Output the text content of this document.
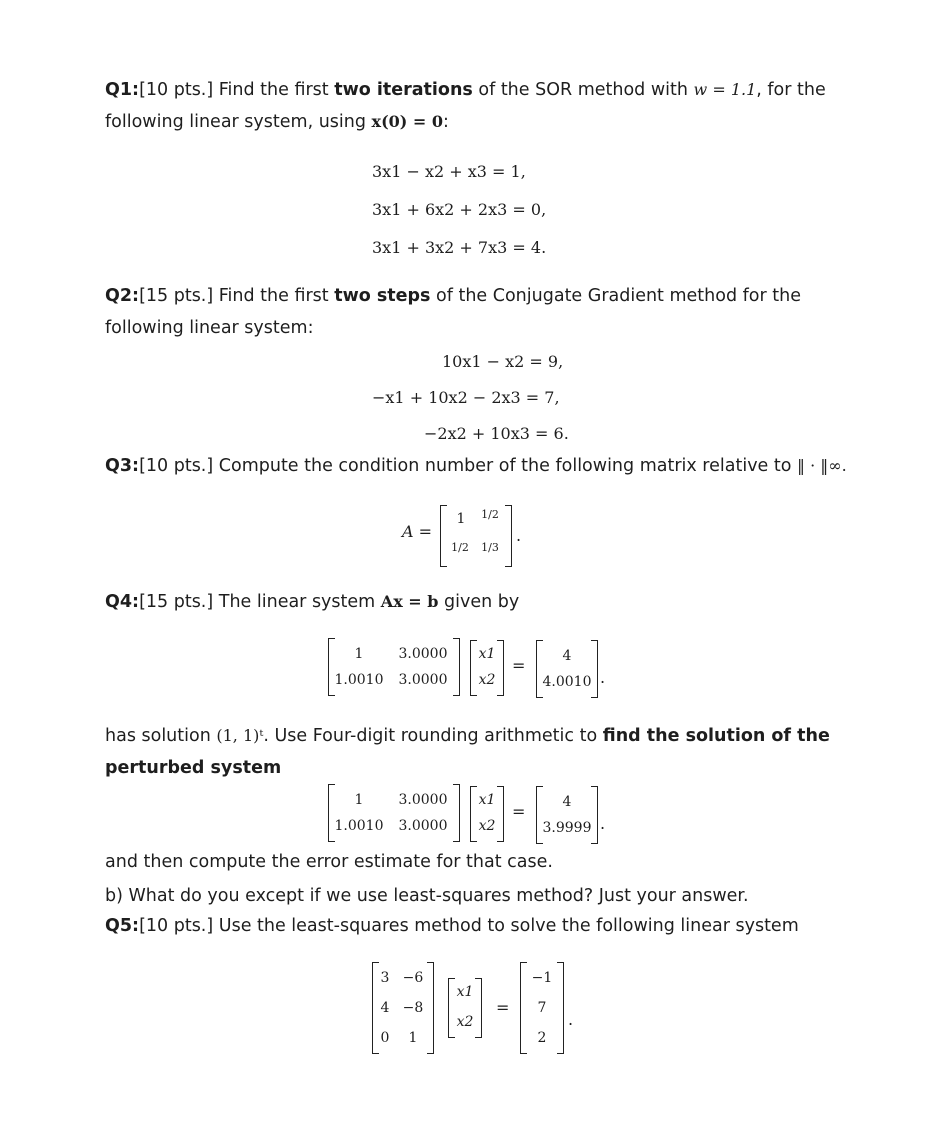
Q1:[10 pts.] Find the first two iterations of the SOR method with w = 1.1, for the
following linear system, using x(0) = 0:
3x1 − x2 + x3 = 1,
3x1 + 6x2 + 2x3 = 0,
3x1 + 3x2 + 7x3 = 4.
Q2:[15 pts.] Find the first two steps of the Conjugate Gradient method for the
following linear system:
10x1 − x2 = 9,
−x1 + 10x2 − 2x3 = 7,
−2x2 + 10x3 = 6.
Q3:[10 pts.] Compute the condition number of the following matrix relative to ‖ · ‖∞.
A =
1	1/2
1/2 1/3
.
Q4:[15 pts.] The linear system Ax = b given by
1	3.0000
1.0010	3.0000
x1
x2
=	4
4.0010 .
has solution (1, 1)ᵗ. Use Four-digit rounding arithmetic to find the solution of the
perturbed system
1	3.0000
1.0010	3.0000
x1
x2
=	4
3.9999 .
and then compute the error estimate for that case.
b) What do you except if we use least-squares method? Just your answer.
Q5:[10 pts.] Use the least-squares method to solve the following linear system
3 −6
4 −8
0	1
x1
x2
=
−1
7
2
.
